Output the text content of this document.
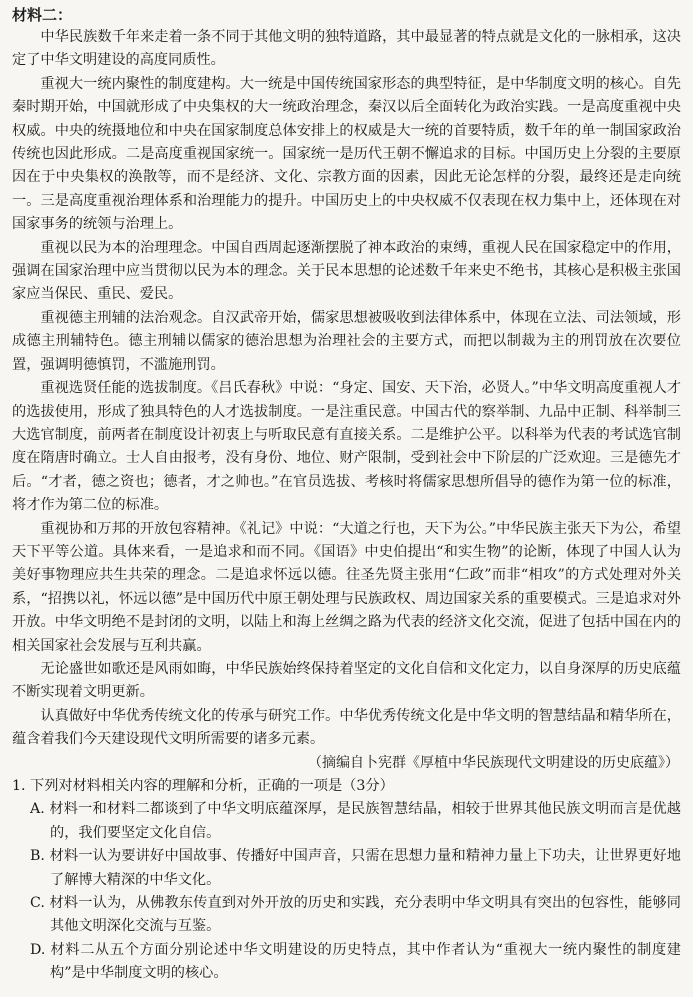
材料二：

中华民族数千年来走着一条不同于其他文明的独特道路，其中最显著的特点就是文化的一脉相承，这决定了中华文明建设的高度同质性。

重视大一统内聚性的制度建构。大一统是中国传统国家形态的典型特征，是中华制度文明的核心。自先秦时期开始，中国就形成了中央集权的大一统政治理念，秦汉以后全面转化为政治实践。一是高度重视中央权威。中央的统摄地位和中央在国家制度总体安排上的权威是大一统的首要特质，数千年的单一制国家政治传统也因此形成。二是高度重视国家统一。国家统一是历代王朝不懈追求的目标。中国历史上分裂的主要原因在于中央集权的涣散等，而不是经济、文化、宗教方面的因素，因此无论怎样的分裂，最终还是走向统一。三是高度重视治理体系和治理能力的提升。中国历史上的中央权威不仅表现在权力集中上，还体现在对国家事务的统领与治理上。

重视以民为本的治理理念。中国自西周起逐渐摆脱了神本政治的束缚，重视人民在国家稳定中的作用，强调在国家治理中应当贯彻以民为本的理念。关于民本思想的论述数千年来史不绝书，其核心是积极主张国家应当保民、重民、爱民。

重视德主刑辅的法治观念。自汉武帝开始，儒家思想被吸收到法律体系中，体现在立法、司法领域，形成德主刑辅特色。德主刑辅以儒家的德治思想为治理社会的主要方式，而把以制裁为主的刑罚放在次要位置，强调明德慎罚，不滥施刑罚。

重视选贤任能的选拔制度。《吕氏春秋》中说：“身定、国安、天下治，必贤人。”中华文明高度重视人才的选拔使用，形成了独具特色的人才选拔制度。一是注重民意。中国古代的察举制、九品中正制、科举制三大选官制度，前两者在制度设计初衷上与听取民意有直接关系。二是维护公平。以科举为代表的考试选官制度在隋唐时确立。士人自由报考，没有身份、地位、财产限制，受到社会中下阶层的广泛欢迎。三是德先才后。“才者，德之资也；德者，才之帅也。”在官员选拔、考核时将儒家思想所倡导的德作为第一位的标准，将才作为第二位的标准。

重视协和万邦的开放包容精神。《礼记》中说：“大道之行也，天下为公。”中华民族主张天下为公，希望天下平等公道。具体来看，一是追求和而不同。《国语》中史伯提出“和实生物”的论断，体现了中国人认为美好事物理应共生共荣的理念。二是追求怀远以德。往圣先贤主张用“仁政”而非“相攻”的方式处理对外关系，“招携以礼，怀远以德”是中国历代中原王朝处理与民族政权、周边国家关系的重要模式。三是追求对外开放。中华文明绝不是封闭的文明，以陆上和海上丝绸之路为代表的经济文化交流，促进了包括中国在内的相关国家社会发展与互利共赢。

无论盛世如歌还是风雨如晦，中华民族始终保持着坚定的文化自信和文化定力，以自身深厚的历史底蕴不断实现着文明更新。

认真做好中华优秀传统文化的传承与研究工作。中华优秀传统文化是中华文明的智慧结晶和精华所在，蕴含着我们今天建设现代文明所需要的诸多元素。

（摘编自卜宪群《厚植中华民族现代文明建设的历史底蕴》）

1. 下列对材料相关内容的理解和分析，正确的一项是（3分）

A. 材料一和材料二都谈到了中华文明底蕴深厚，是民族智慧结晶，相较于世界其他民族文明而言是优越的，我们要坚定文化自信。

B. 材料一认为要讲好中国故事、传播好中国声音，只需在思想力量和精神力量上下功夫，让世界更好地了解博大精深的中华文化。

C. 材料一认为，从佛教东传直到对外开放的历史和实践，充分表明中华文明具有突出的包容性，能够同其他文明深化交流与互鉴。

D. 材料二从五个方面分别论述中华文明建设的历史特点，其中作者认为“重视大一统内聚性的制度建构”是中华制度文明的核心。
